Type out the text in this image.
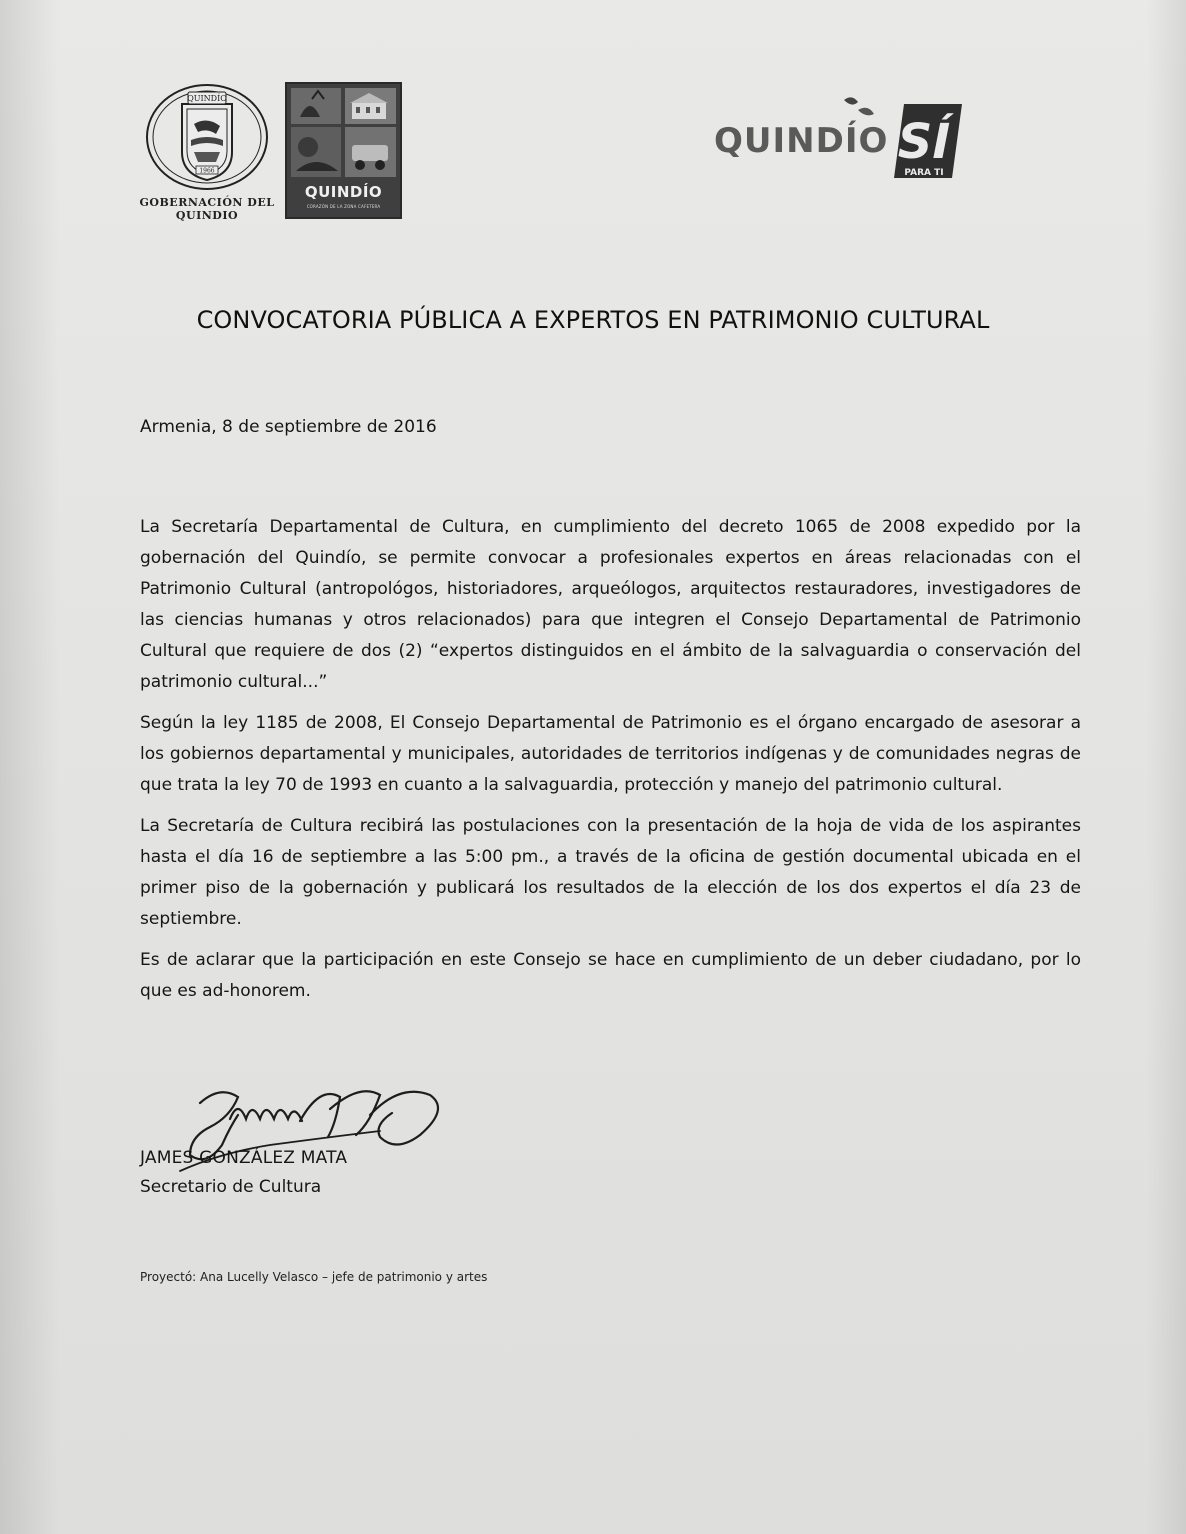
QUINDÍO
1966
GOBERNACIÓN DEL
QUINDIO
QUINDÍO
CORAZÓN DE LA ZONA CAFETERA
QUINDÍO SÍ
PARA TI
CONVOCATORIA PÚBLICA A EXPERTOS EN PATRIMONIO CULTURAL
Armenia, 8 de septiembre de 2016

La Secretaría Departamental de Cultura, en cumplimiento del decreto 1065 de 2008 expedido por la gobernación del Quindío, se permite convocar a profesionales expertos en áreas relacionadas con el Patrimonio Cultural (antropológos, historiadores, arqueólogos, arquitectos restauradores, investigadores de las ciencias humanas y otros relacionados) para que integren el Consejo Departamental de Patrimonio Cultural que requiere de dos (2) “expertos distinguidos en el ámbito de la salvaguardia o conservación del patrimonio cultural...”

Según la ley 1185 de 2008, El Consejo Departamental de Patrimonio es el órgano encargado de asesorar a los gobiernos departamental y municipales, autoridades de territorios indígenas y de comunidades negras de que trata la ley 70 de 1993 en cuanto a la salvaguardia, protección y manejo del patrimonio cultural.

La Secretaría de Cultura recibirá las postulaciones con la presentación de la hoja de vida de los aspirantes hasta el día 16 de septiembre a las 5:00 pm., a través de la oficina de gestión documental ubicada en el primer piso de la gobernación y publicará los resultados de la elección de los dos expertos el día 23 de septiembre.

Es de aclarar que la participación en este Consejo se hace en cumplimiento de un deber ciudadano, por lo que es ad-honorem.

JAMES GONZÁLEZ MATA
Secretario de Cultura
Proyectó: Ana Lucelly Velasco – jefe de patrimonio y artes
